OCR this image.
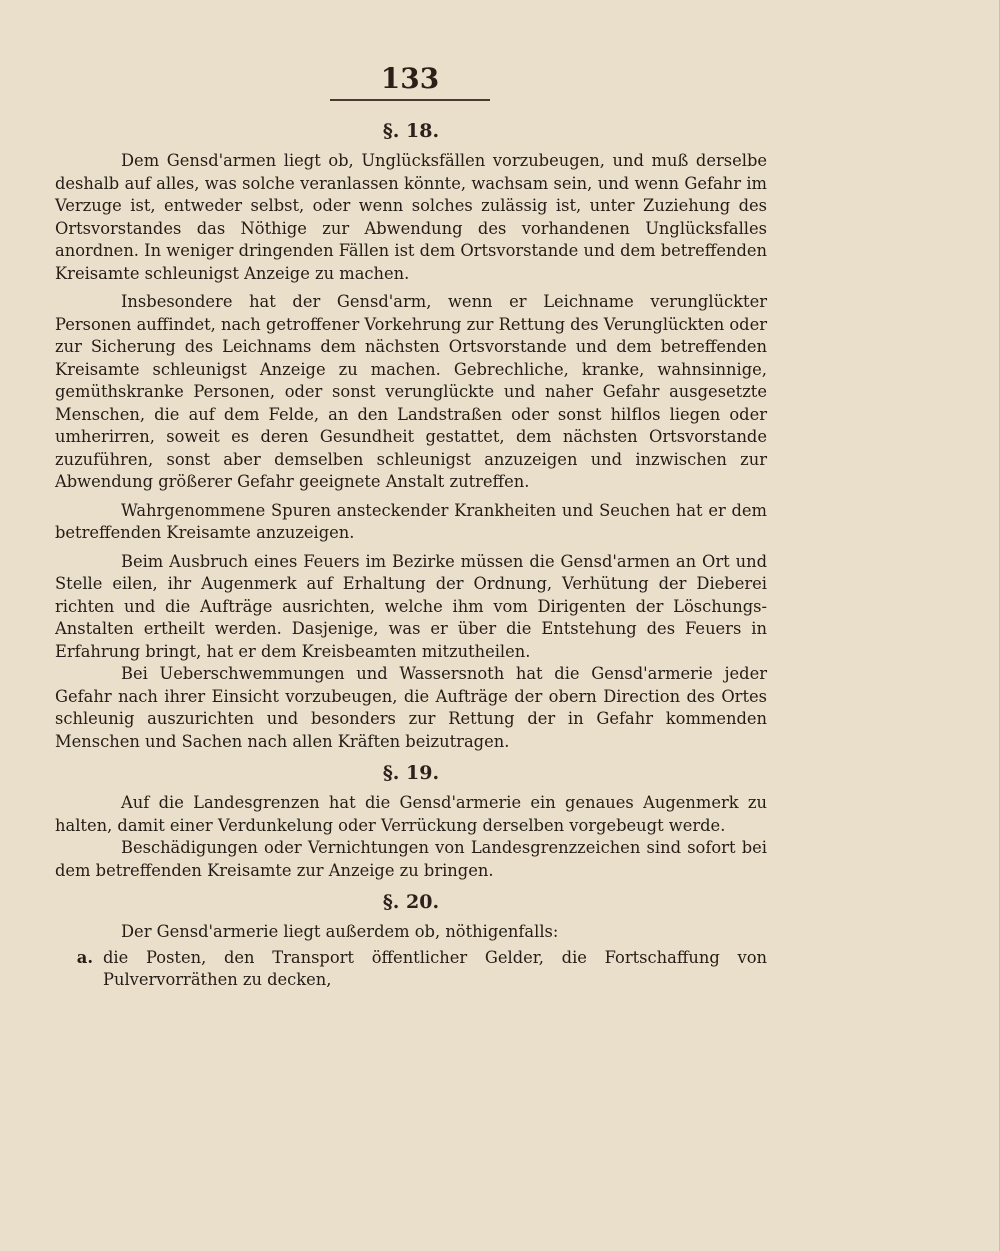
133
§. 18.

Dem Gensd'armen liegt ob, Unglücksfällen vorzubeugen, und muß derselbe deshalb auf alles, was solche veranlassen könnte, wachsam sein, und wenn Gefahr im Verzuge ist, entweder selbst, oder wenn solches zulässig ist, unter Zuziehung des Ortsvorstandes das Nöthige zur Abwendung des vorhandenen Unglücksfalles anordnen. In weniger dringenden Fällen ist dem Ortsvorstande und dem betreffenden Kreisamte schleunigst Anzeige zu machen.

Insbesondere hat der Gensd'arm, wenn er Leichname verunglückter Personen auffindet, nach getroffener Vorkehrung zur Rettung des Verunglückten oder zur Sicherung des Leichnams dem nächsten Ortsvorstande und dem betreffenden Kreisamte schleunigst Anzeige zu machen. Gebrechliche, kranke, wahnsinnige, gemüthskranke Personen, oder sonst verunglückte und naher Gefahr ausgesetzte Menschen, die auf dem Felde, an den Landstraßen oder sonst hilflos liegen oder umherirren, soweit es deren Gesundheit gestattet, dem nächsten Ortsvorstande zuzuführen, sonst aber demselben schleunigst anzuzeigen und inzwischen zur Abwendung größerer Gefahr geeignete Anstalt zutreffen.

Wahrgenommene Spuren ansteckender Krankheiten und Seuchen hat er dem betreffenden Kreisamte anzuzeigen.

Beim Ausbruch eines Feuers im Bezirke müssen die Gensd'armen an Ort und Stelle eilen, ihr Augenmerk auf Erhaltung der Ordnung, Verhütung der Dieberei richten und die Aufträge ausrichten, welche ihm vom Dirigenten der Löschungs-Anstalten ertheilt werden. Dasjenige, was er über die Entstehung des Feuers in Erfahrung bringt, hat er dem Kreisbeamten mitzutheilen.

Bei Ueberschwemmungen und Wassersnoth hat die Gensd'armerie jeder Gefahr nach ihrer Einsicht vorzubeugen, die Aufträge der obern Direction des Ortes schleunig auszurichten und besonders zur Rettung der in Gefahr kommenden Menschen und Sachen nach allen Kräften beizutragen.

§. 19.

Auf die Landesgrenzen hat die Gensd'armerie ein genaues Augenmerk zu halten, damit einer Verdunkelung oder Verrückung derselben vorgebeugt werde.

Beschädigungen oder Vernichtungen von Landesgrenzzeichen sind sofort bei dem betreffenden Kreisamte zur Anzeige zu bringen.

§. 20.

Der Gensd'armerie liegt außerdem ob, nöthigenfalls:

a. die Posten, den Transport öffentlicher Gelder, die Fortschaffung von Pulvervorräthen zu decken,
